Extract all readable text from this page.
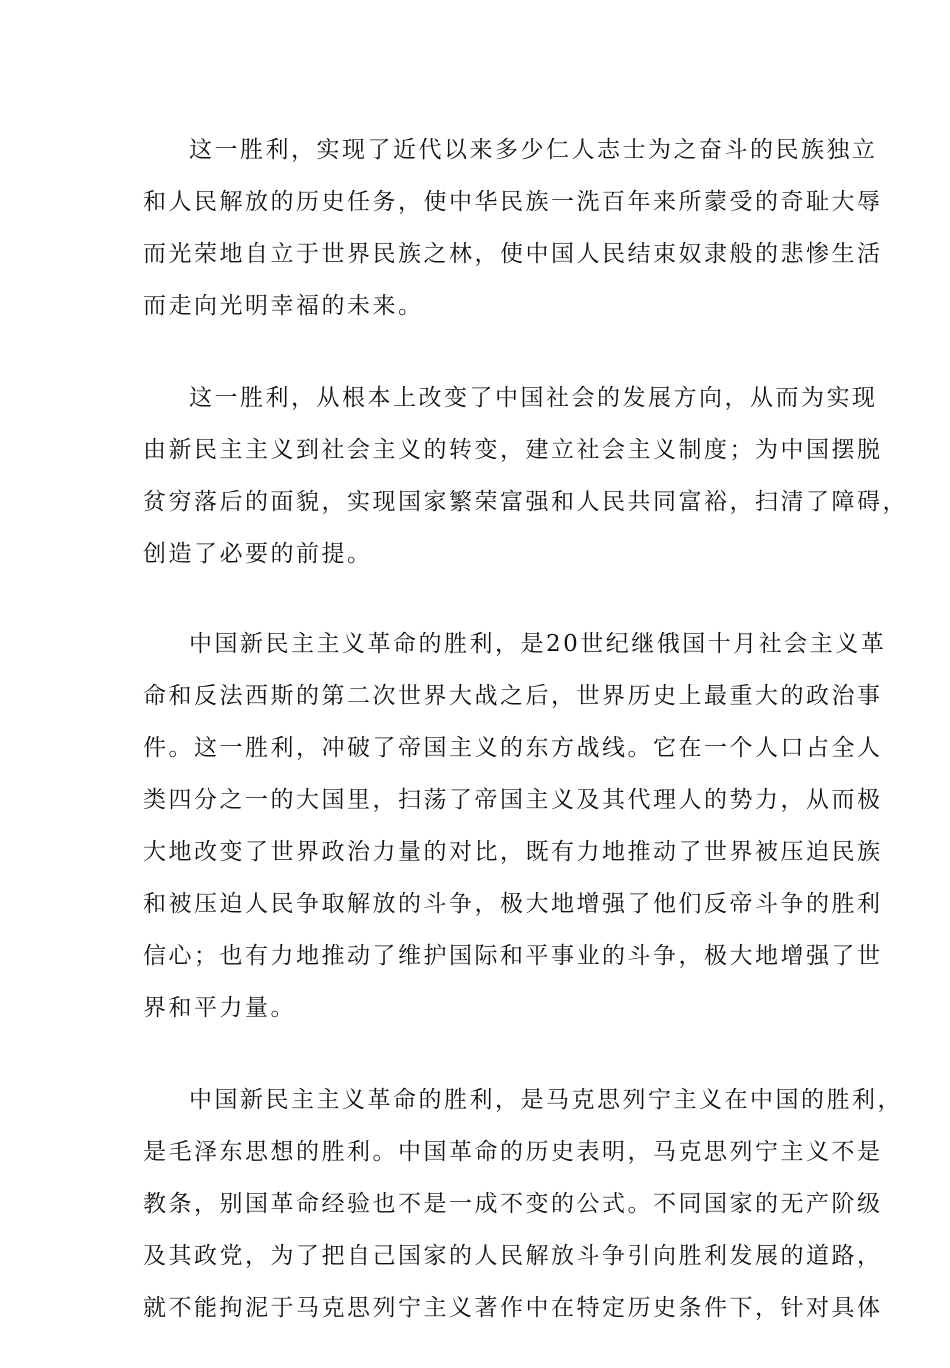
这一胜利，实现了近代以来多少仁人志士为之奋斗的民族独立
和人民解放的历史任务，使中华民族一洗百年来所蒙受的奇耻大辱
而光荣地自立于世界民族之林，使中国人民结束奴隶般的悲惨生活
而走向光明幸福的未来。
这一胜利，从根本上改变了中国社会的发展方向，从而为实现
由新民主主义到社会主义的转变，建立社会主义制度；为中国摆脱
贫穷落后的面貌，实现国家繁荣富强和人民共同富裕，扫清了障碍，
创造了必要的前提。
中国新民主主义革命的胜利，是20世纪继俄国十月社会主义革
命和反法西斯的第二次世界大战之后，世界历史上最重大的政治事
件。这一胜利，冲破了帝国主义的东方战线。它在一个人口占全人
类四分之一的大国里，扫荡了帝国主义及其代理人的势力，从而极
大地改变了世界政治力量的对比，既有力地推动了世界被压迫民族
和被压迫人民争取解放的斗争，极大地增强了他们反帝斗争的胜利
信心；也有力地推动了维护国际和平事业的斗争，极大地增强了世
界和平力量。
中国新民主主义革命的胜利，是马克思列宁主义在中国的胜利，
是毛泽东思想的胜利。中国革命的历史表明，马克思列宁主义不是
教条，别国革命经验也不是一成不变的公式。不同国家的无产阶级
及其政党，为了把自己国家的人民解放斗争引向胜利发展的道路，
就不能拘泥于马克思列宁主义著作中在特定历史条件下，针对具体
